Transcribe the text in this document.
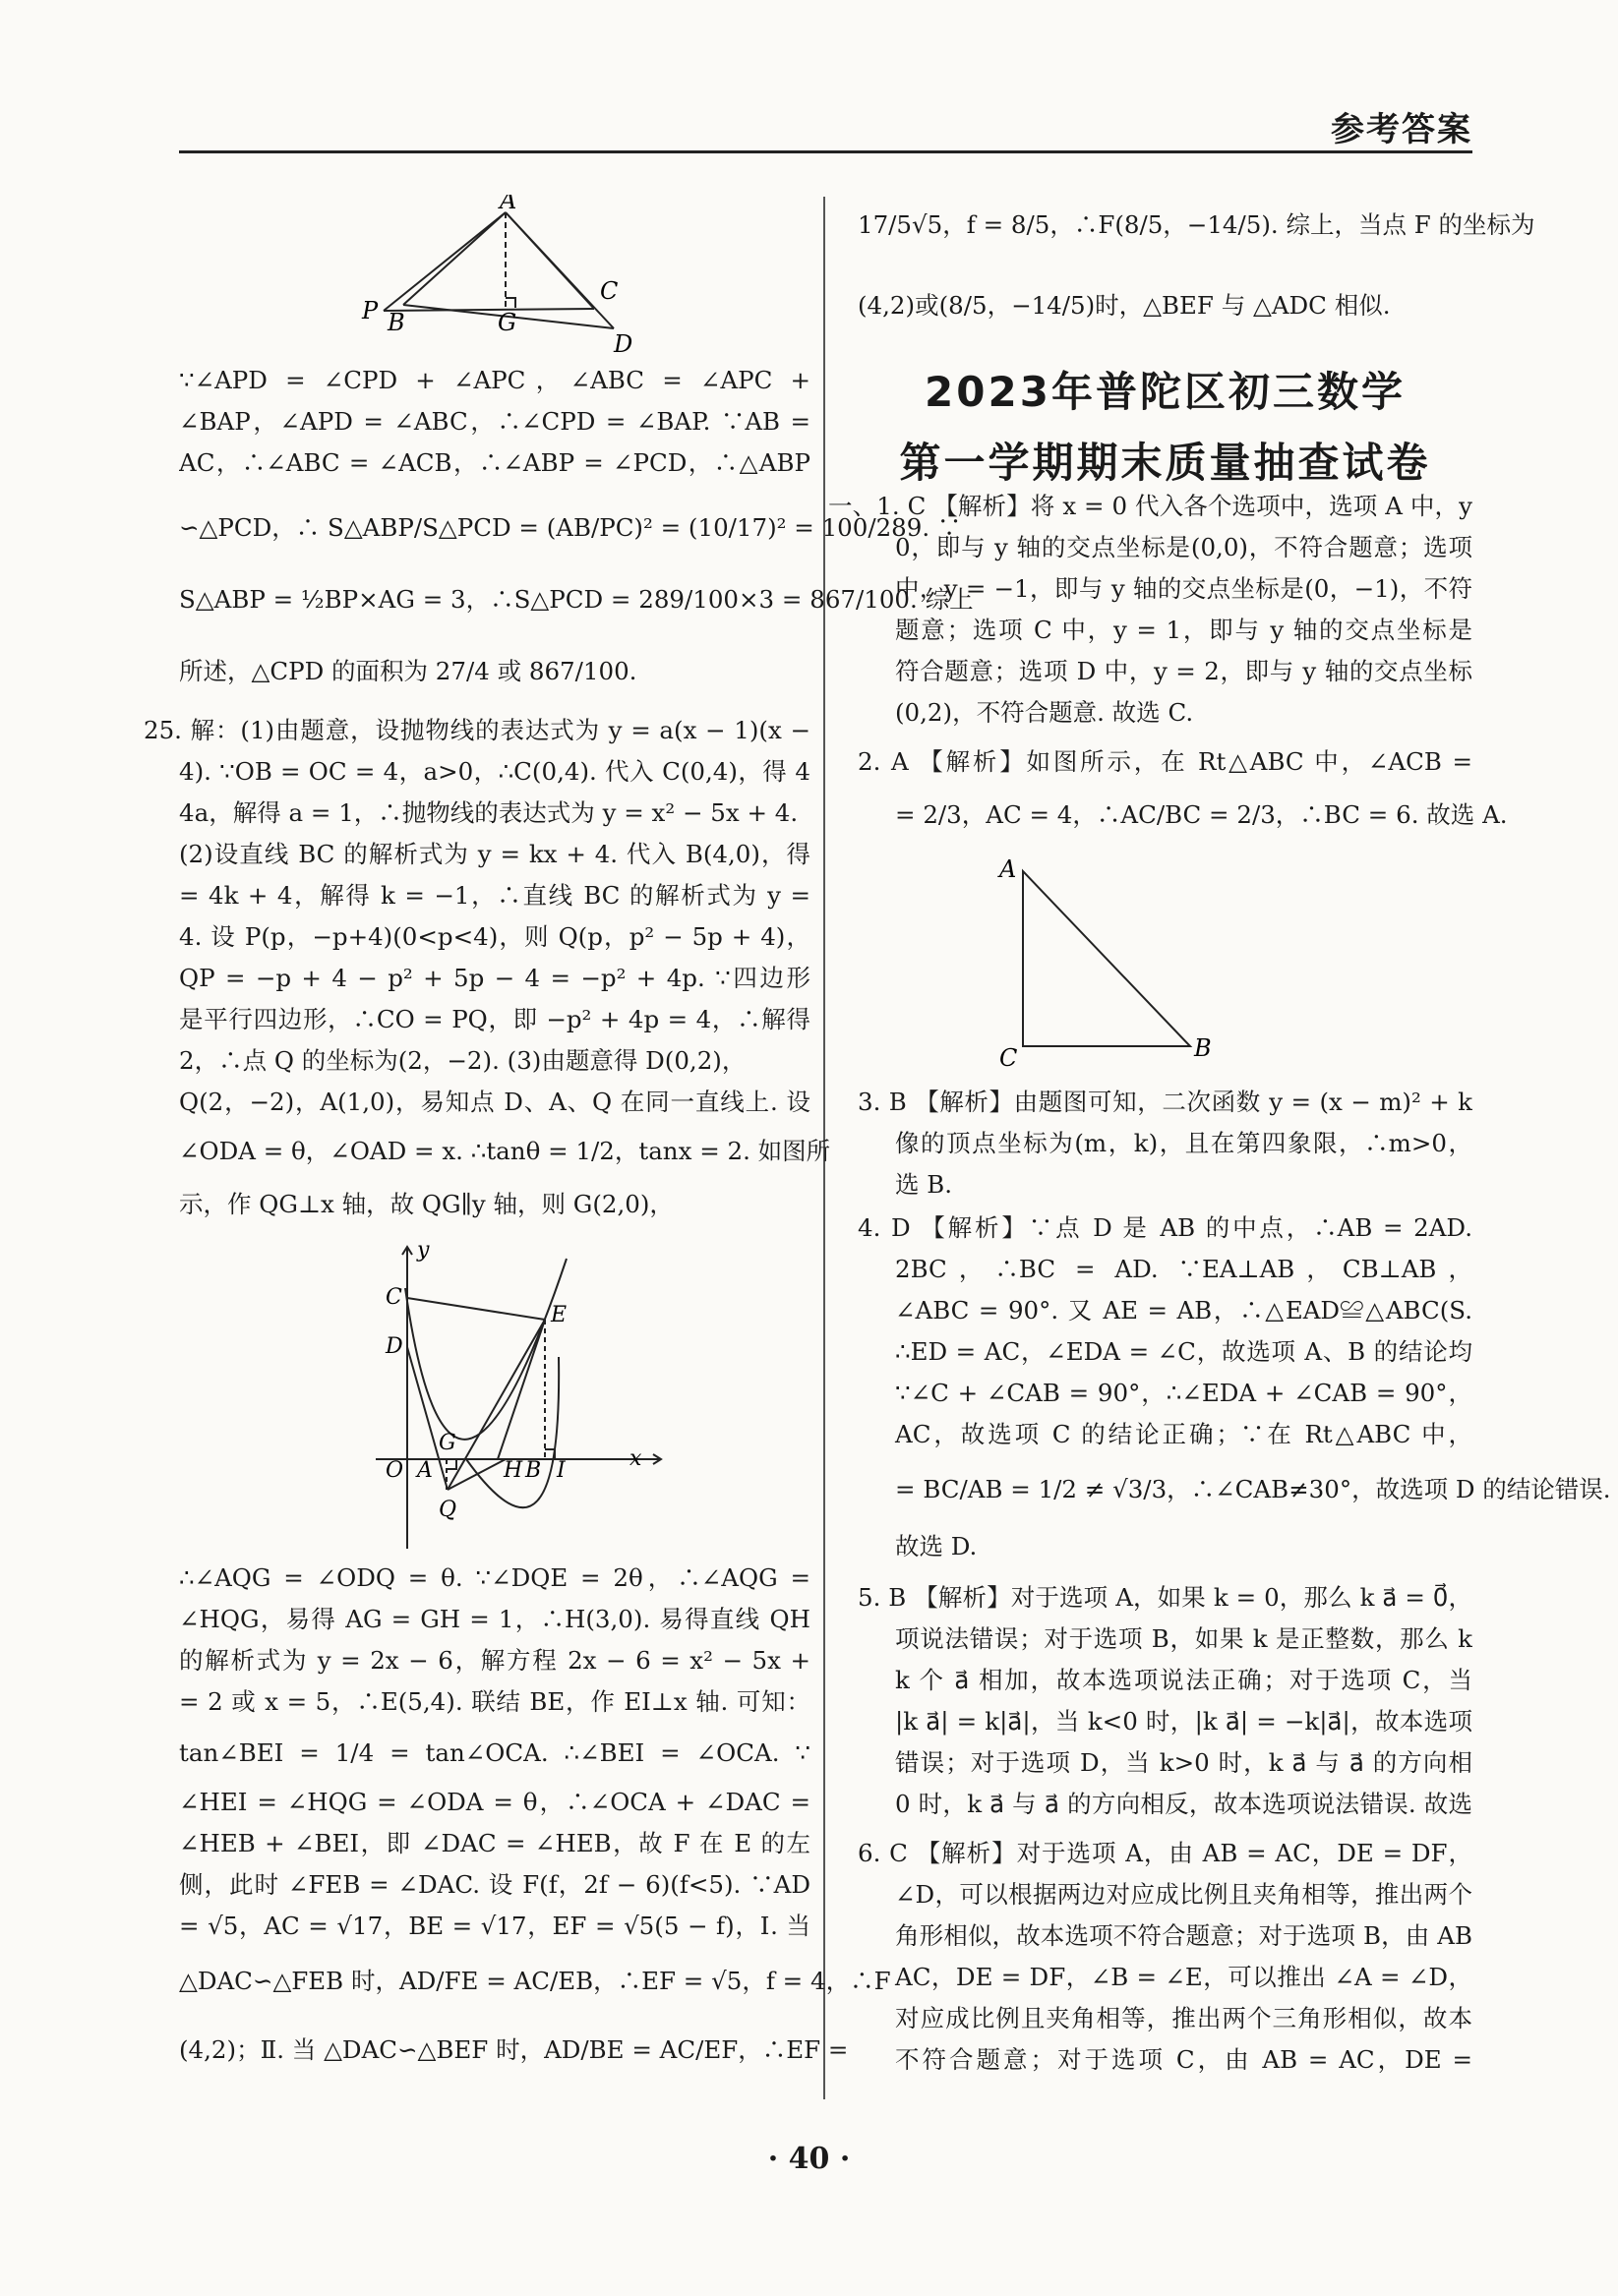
参考答案
A
P B	G
C
D
∵∠APD = ∠CPD + ∠APC，∠ABC = ∠APC +
∠BAP，∠APD = ∠ABC，∴∠CPD = ∠BAP. ∵AB =
AC，∴∠ABC = ∠ACB，∴∠ABP = ∠PCD，∴△ABP
∽△PCD，∴ S△ABP/S△PCD = (AB/PC)² = (10/17)² = 100/289. ∵
S△ABP = ½BP×AG = 3，∴S△PCD = 289/100×3 = 867/100. 综上
所述，△CPD 的面积为 27/4 或 867/100.
25. 解：(1)由题意，设抛物线的表达式为 y = a(x − 1)(x −
4). ∵OB = OC = 4，a>0，∴C(0,4). 代入 C(0,4)，得 4
4a，解得 a = 1，∴抛物线的表达式为 y = x² − 5x + 4.
(2)设直线 BC 的解析式为 y = kx + 4. 代入 B(4,0)，得
= 4k + 4，解得 k = −1，∴直线 BC 的解析式为 y =
4. 设 P(p，−p+4)(0<p<4)，则 Q(p，p² − 5p + 4)，
QP = −p + 4 − p² + 5p − 4 = −p² + 4p. ∵四边形
是平行四边形，∴CO = PQ，即 −p² + 4p = 4，∴解得
2，∴点 Q 的坐标为(2，−2). (3)由题意得 D(0,2)，
Q(2，−2)，A(1,0)，易知点 D、A、Q 在同一直线上. 设
∠ODA = θ，∠OAD = x. ∴tanθ = 1/2，tanx = 2. 如图所
示，作 QG⊥x 轴，故 QG∥y 轴，则 G(2,0)，
y
C
D
E
G
O A	H B I	x
Q
∴∠AQG = ∠ODQ = θ. ∵∠DQE = 2θ，∴∠AQG =
∠HQG，易得 AG = GH = 1，∴H(3,0). 易得直线 QH
的解析式为 y = 2x − 6，解方程 2x − 6 = x² − 5x +
= 2 或 x = 5，∴E(5,4). 联结 BE，作 EI⊥x 轴. 可知：
tan∠BEI = 1/4 = tan∠OCA. ∴∠BEI = ∠OCA. ∵
∠HEI = ∠HQG = ∠ODA = θ，∴∠OCA + ∠DAC =
∠HEB + ∠BEI，即 ∠DAC = ∠HEB，故 F 在 E 的左
侧，此时 ∠FEB = ∠DAC. 设 F(f，2f − 6)(f<5). ∵AD
= √5，AC = √17，BE = √17，EF = √5(5 − f)，Ⅰ. 当
△DAC∽△FEB 时，AD/FE = AC/EB，∴EF = √5，f = 4，∴F
(4,2)；Ⅱ. 当 △DAC∽△BEF 时，AD/BE = AC/EF，∴EF =
17/5√5，f = 8/5，∴F(8/5，−14/5). 综上，当点 F 的坐标为
(4,2)或(8/5，−14/5)时，△BEF 与 △ADC 相似.
2023年普陀区初三数学
第一学期期末质量抽查试卷
一、1. C 【解析】将 x = 0 代入各个选项中，选项 A 中，y
0，即与 y 轴的交点坐标是(0,0)，不符合题意；选项
中，y = −1，即与 y 轴的交点坐标是(0，−1)，不符
题意；选项 C 中，y = 1，即与 y 轴的交点坐标是
符合题意；选项 D 中，y = 2，即与 y 轴的交点坐标
(0,2)，不符合题意. 故选 C.
2. A 【解析】如图所示，在 Rt△ABC 中，∠ACB =
= 2/3，AC = 4，∴AC/BC = 2/3，∴BC = 6. 故选 A.
A
C	B
3. B 【解析】由题图可知，二次函数 y = (x − m)² + k
像的顶点坐标为(m，k)，且在第四象限，∴m>0，
选 B.
4. D 【解析】∵点 D 是 AB 的中点，∴AB = 2AD.
2BC，∴BC = AD. ∵EA⊥AB，CB⊥AB，
∠ABC = 90°. 又 AE = AB，∴△EAD≌△ABC(S.
∴ED = AC，∠EDA = ∠C，故选项 A、B 的结论均
∵∠C + ∠CAB = 90°，∴∠EDA + ∠CAB = 90°，
AC，故选项 C 的结论正确；∵在 Rt△ABC 中，
= BC/AB = 1/2 ≠ √3/3，∴∠CAB≠30°，故选项 D 的结论错误.
故选 D.
5. B 【解析】对于选项 A，如果 k = 0，那么 k a⃗ = 0⃗，
项说法错误；对于选项 B，如果 k 是正整数，那么 k
k 个 a⃗ 相加，故本选项说法正确；对于选项 C，当
|k a⃗| = k|a⃗|，当 k<0 时，|k a⃗| = −k|a⃗|，故本选项
错误；对于选项 D，当 k>0 时，k a⃗ 与 a⃗ 的方向相
0 时，k a⃗ 与 a⃗ 的方向相反，故本选项说法错误. 故选
6. C 【解析】对于选项 A，由 AB = AC，DE = DF，
∠D，可以根据两边对应成比例且夹角相等，推出两个
角形相似，故本选项不符合题意；对于选项 B，由 AB
AC，DE = DF，∠B = ∠E，可以推出 ∠A = ∠D，
对应成比例且夹角相等，推出两个三角形相似，故本
不符合题意；对于选项 C，由 AB = AC，DE =
· 40 ·
